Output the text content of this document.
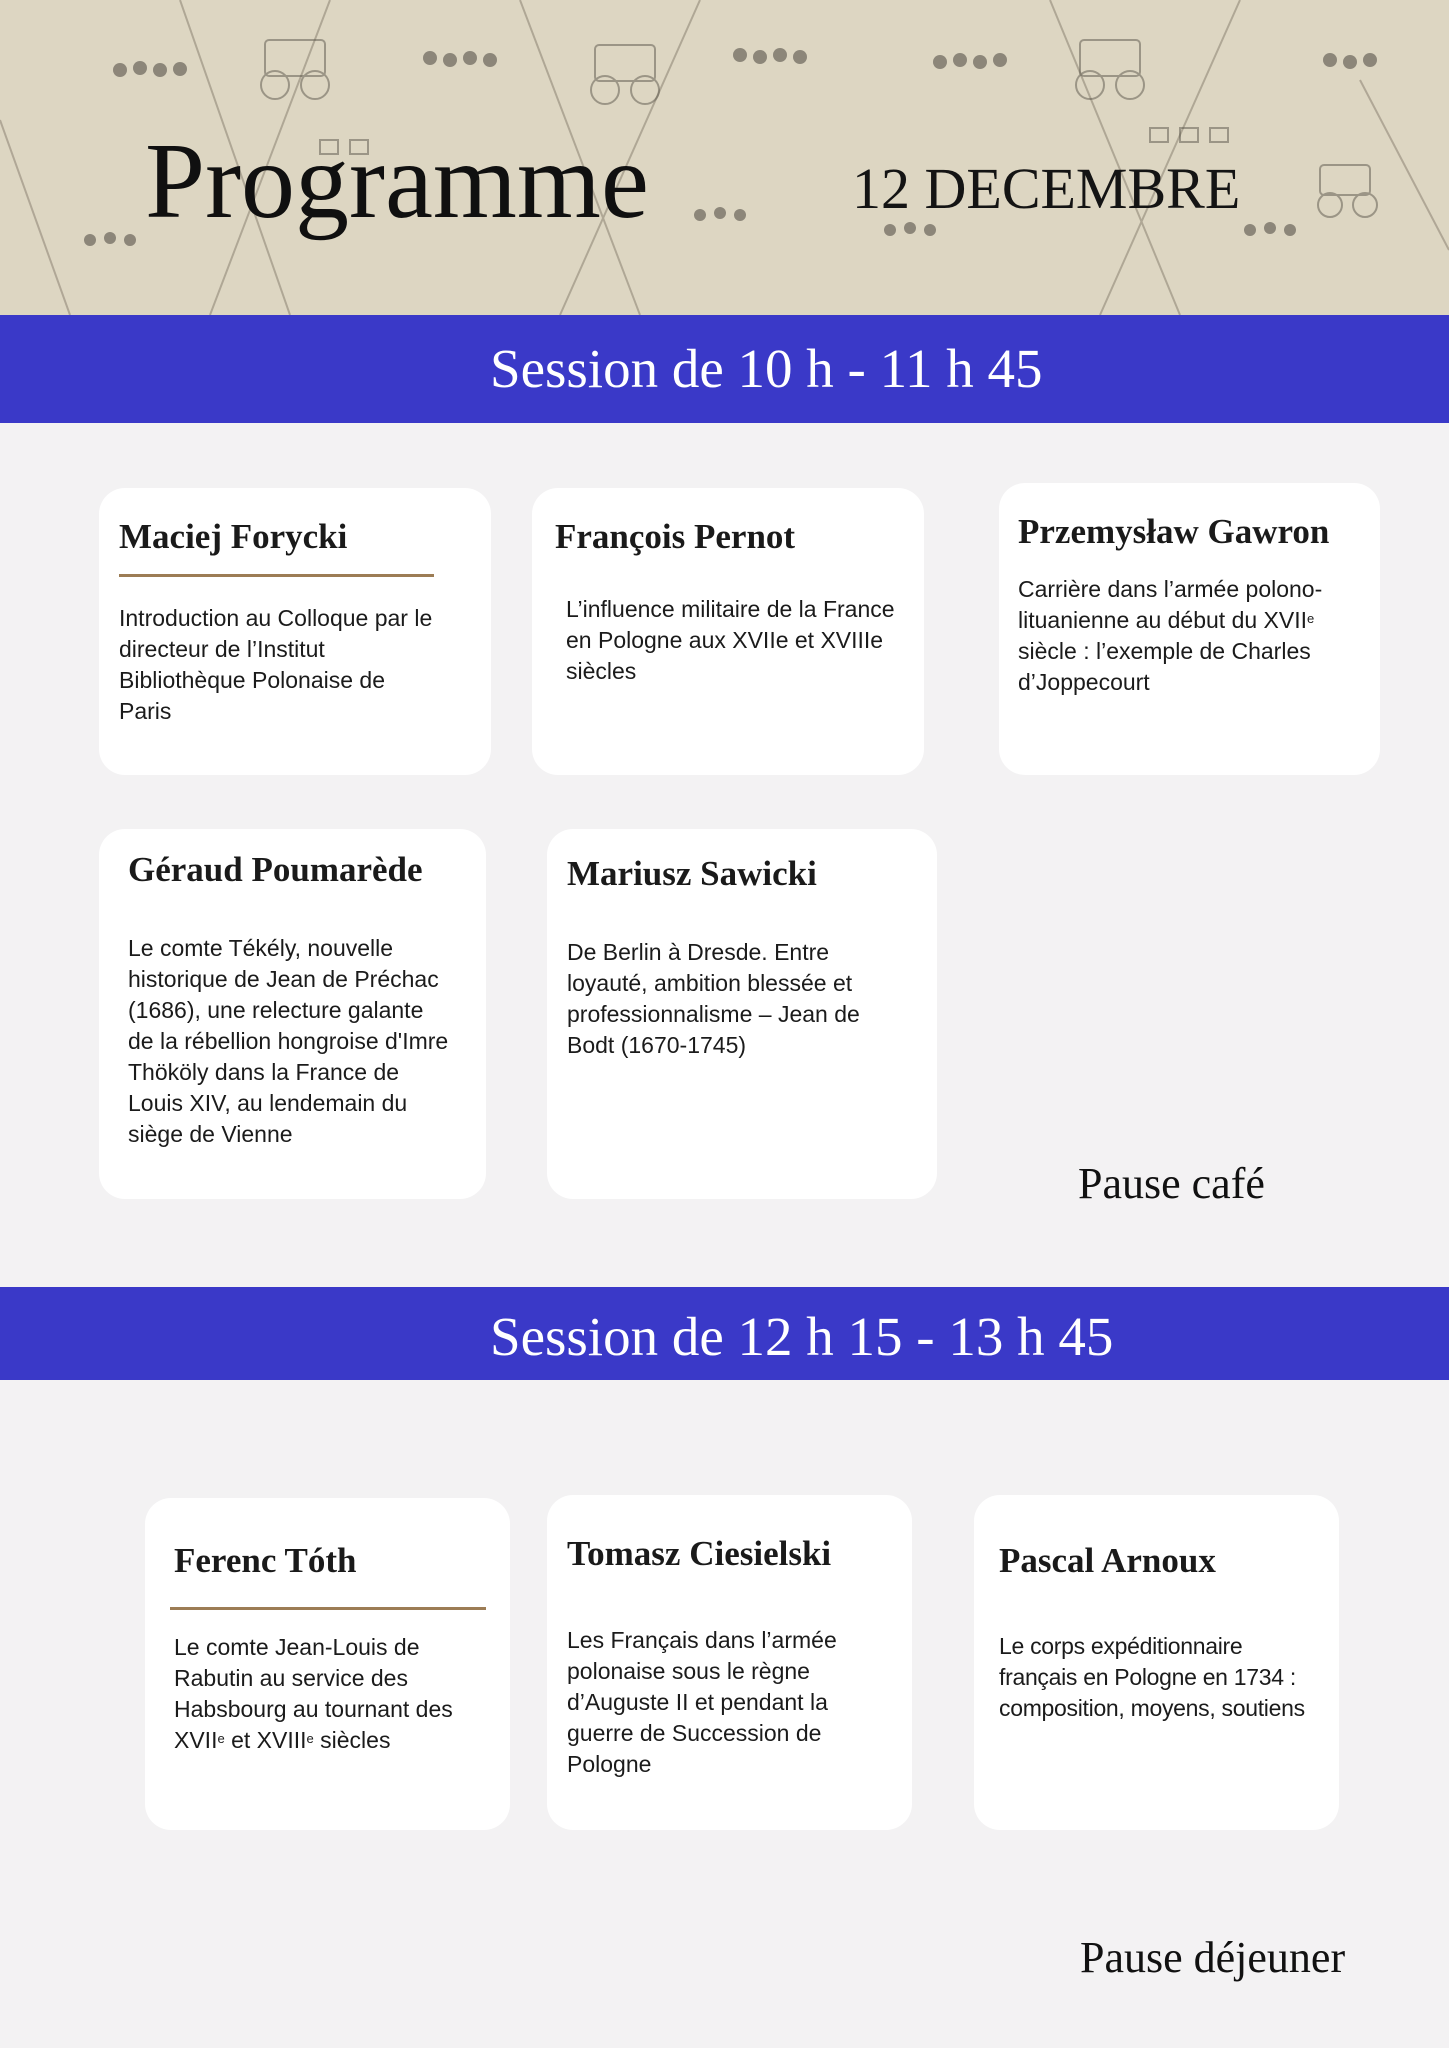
Programme	12 DECEMBRE
Session de 10 h - 11 h 45
Maciej Forycki

Introduction au Colloque par le directeur de l’Institut Bibliothèque Polonaise de Paris

François Pernot

L’influence militaire de la France en Pologne aux XVIIe et XVIIIe siècles

Przemysław Gawron

Carrière dans l’armée polono-lituanienne au début du XVIIe siècle : l’exemple de Charles d’Joppecourt

Géraud Poumarède

Le comte Tékély, nouvelle historique de Jean de Préchac (1686), une relecture galante de la rébellion hongroise d'Imre Thököly dans la France de Louis XIV, au lendemain du siège de Vienne

Mariusz Sawicki

De Berlin à Dresde. Entre loyauté, ambition blessée et professionnalisme – Jean de Bodt (1670-1745)

Pause café
Session de 12 h 15 - 13 h 45
Ferenc Tóth

Le comte Jean-Louis de Rabutin au service des Habsbourg au tournant des XVIIe et XVIIIe siècles

Tomasz Ciesielski

Les Français dans l’armée polonaise sous le règne d’Auguste II et pendant la guerre de Succession de Pologne

Pascal Arnoux

Le corps expéditionnaire français en Pologne en 1734 : composition, moyens, soutiens

Pause déjeuner
